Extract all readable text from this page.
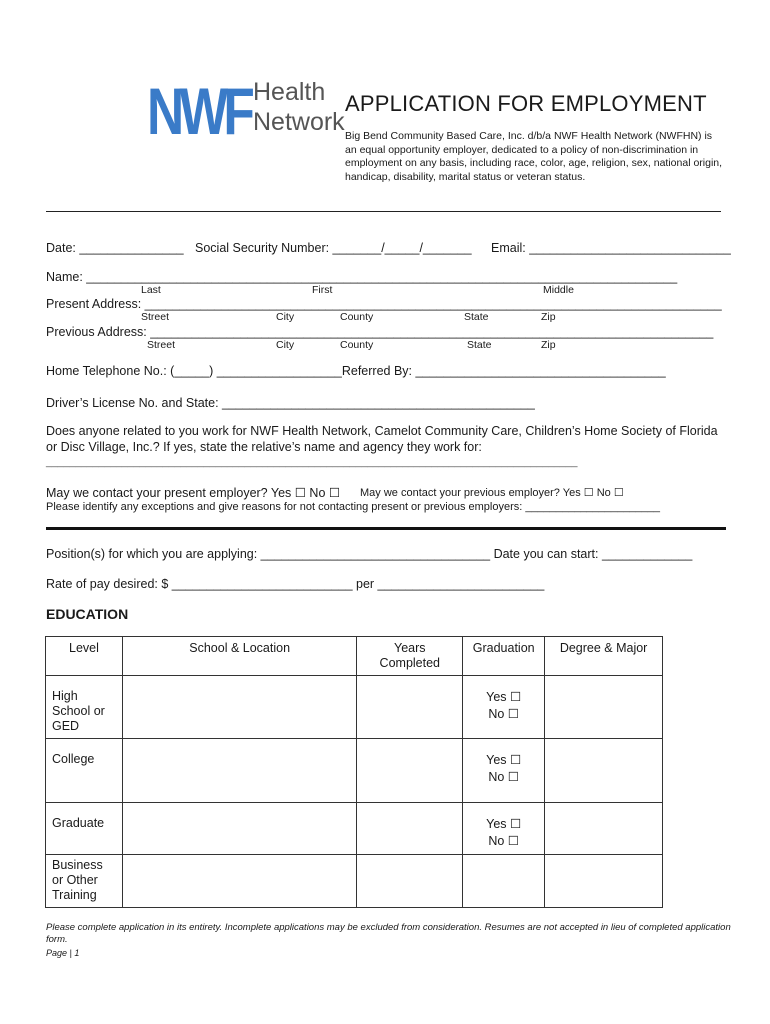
NWF Health
Network
APPLICATION FOR EMPLOYMENT
Big Bend Community Based Care, Inc. d/b/a NWF Health Network (NWFHN) is an equal opportunity employer, dedicated to a policy of non-discrimination in employment on any basis, including race, color, age, religion, sex, national origin, handicap, disability, marital status or veteran status.
Date: _______________ Social Security Number: _______/_____/_______ Email: _____________________________
Name: _____________________________________________________________________________________
Last	First	Middle
Present Address: ___________________________________________________________________________________
Street	City	County	State	Zip
Previous Address: _________________________________________________________________________________
Street	City	County	State	Zip
Home Telephone No.: (_____) __________________Referred By: ____________________________________
Driver’s License No. and State: _____________________________________________
Does anyone related to you work for NWF Health Network, Camelot Community Care, Children’s Home Society of Florida
or Disc Village, Inc.? If yes, state the relative’s name and agency they work for:
___________________________________________________________________________________________
May we contact your present employer? Yes ☐ No ☐ May we contact your previous employer? Yes ☐ No ☐
Please identify any exceptions and give reasons for not contacting present or previous employers: ______________________
Position(s) for which you are applying: _________________________________ Date you can start: _____________
Rate of pay desired: $ __________________________ per ________________________
EDUCATION
Level	School & Location	Years Completed	Graduation	Degree & Major
High School or GED			Yes ☐
No ☐	

College			Yes ☐
No ☐	

Graduate			Yes ☐
No ☐	

Business or Other Training				
Please complete application in its entirety. Incomplete applications may be excluded from consideration. Resumes are not accepted in lieu of completed application form.
Page | 1
